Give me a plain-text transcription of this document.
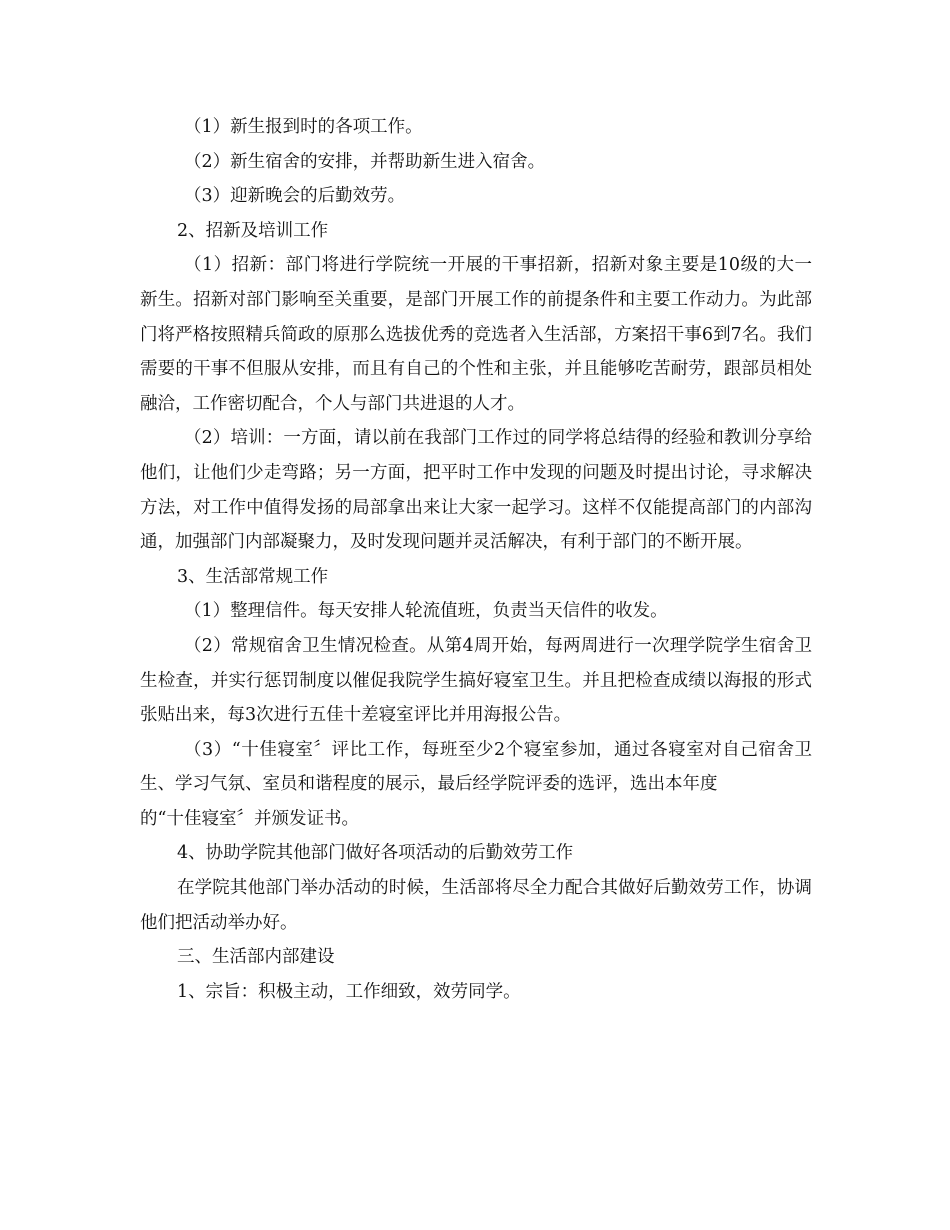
（1）新生报到时的各项工作。

（2）新生宿舍的安排，并帮助新生进入宿舍。

（3）迎新晚会的后勤效劳。

2、招新及培训工作

（1）招新：部门将进行学院统一开展的干事招新，招新对象主要是10级的大一新生。招新对部门影响至关重要，是部门开展工作的前提条件和主要工作动力。为此部门将严格按照精兵简政的原那么选拔优秀的竞选者入生活部，方案招干事6到7名。我们需要的干事不但服从安排，而且有自己的个性和主张，并且能够吃苦耐劳，跟部员相处融洽，工作密切配合，个人与部门共进退的人才。

（2）培训：一方面，请以前在我部门工作过的同学将总结得的经验和教训分享给他们，让他们少走弯路；另一方面，把平时工作中发现的问题及时提出讨论，寻求解决方法，对工作中值得发扬的局部拿出来让大家一起学习。这样不仅能提高部门的内部沟通，加强部门内部凝聚力，及时发现问题并灵活解决，有利于部门的不断开展。

3、生活部常规工作

（1）整理信件。每天安排人轮流值班，负责当天信件的收发。

（2）常规宿舍卫生情况检查。从第4周开始，每两周进行一次理学院学生宿舍卫生检查，并实行惩罚制度以催促我院学生搞好寝室卫生。并且把检查成绩以海报的形式张贴出来，每3次进行五佳十差寝室评比并用海报公告。

（3）“十佳寝室〞评比工作，每班至少2个寝室参加，通过各寝室对自己宿舍卫生、学习气氛、室员和谐程度的展示，最后经学院评委的选评，选出本年度

的“十佳寝室〞并颁发证书。

4、协助学院其他部门做好各项活动的后勤效劳工作

在学院其他部门举办活动的时候，生活部将尽全力配合其做好后勤效劳工作，协调他们把活动举办好。

三、生活部内部建设

1、宗旨：积极主动，工作细致，效劳同学。
